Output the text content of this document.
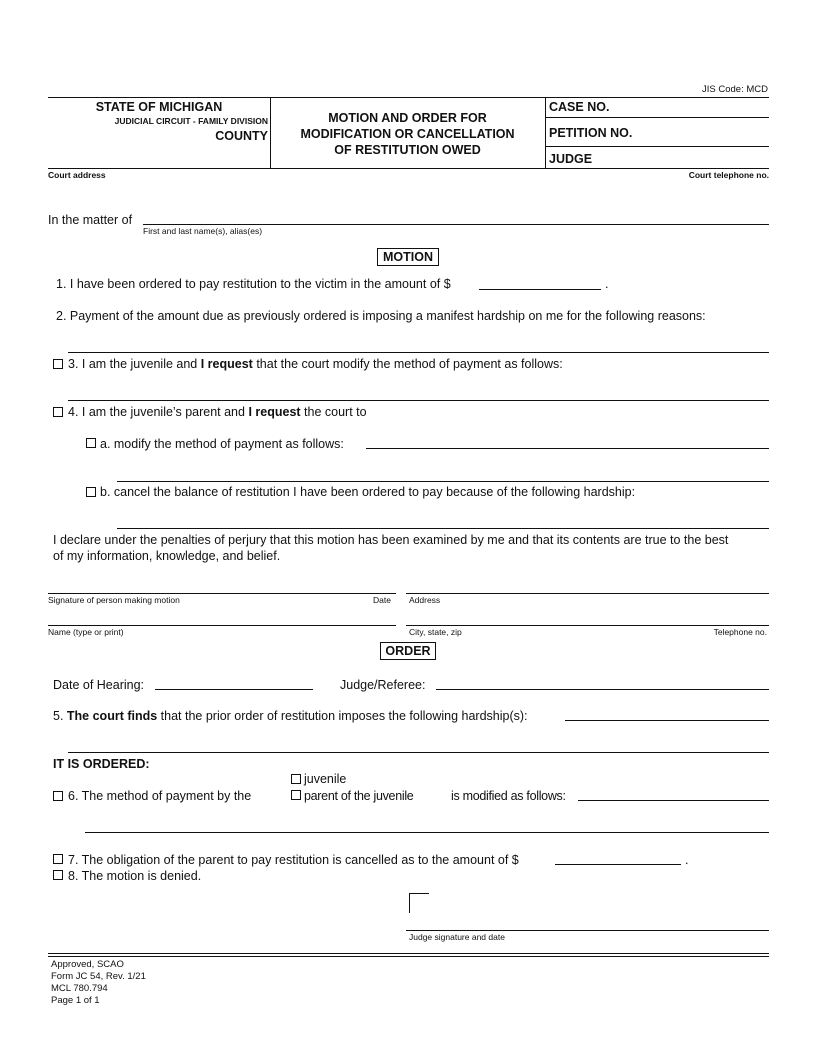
JIS Code: MCD
STATE OF MICHIGAN
JUDICIAL CIRCUIT - FAMILY DIVISION
COUNTY
MOTION AND ORDER FOR
MODIFICATION OR CANCELLATION
OF RESTITUTION OWED
CASE NO.
PETITION NO.
JUDGE
Court address	Court telephone no.
In the matter of
First and last name(s), alias(es)
MOTION
1. I have been ordered to pay restitution to the victim in the amount of $	.
2. Payment of the amount due as previously ordered is imposing a manifest hardship on me for the following reasons:
3. I am the juvenile and I request that the court modify the method of payment as follows:
4. I am the juvenile’s parent and I request the court to
a. modify the method of payment as follows:
b. cancel the balance of restitution I have been ordered to pay because of the following hardship:
I declare under the penalties of perjury that this motion has been examined by me and that its contents are true to the best
of my information, knowledge, and belief.
Signature of person making motion	Date Address
Name (type or print)	City, state, zip	Telephone no.
ORDER
Date of Hearing:	Judge/Referee:
5. The court finds that the prior order of restitution imposes the following hardship(s):
IT IS ORDERED:
juvenile
6. The method of payment by the	parent of the juvenile	is modified as follows:
7. The obligation of the parent to pay restitution is cancelled as to the amount of $	.
8. The motion is denied.
Judge signature and date
Approved, SCAO
Form JC 54, Rev. 1/21
MCL 780.794
Page 1 of 1
